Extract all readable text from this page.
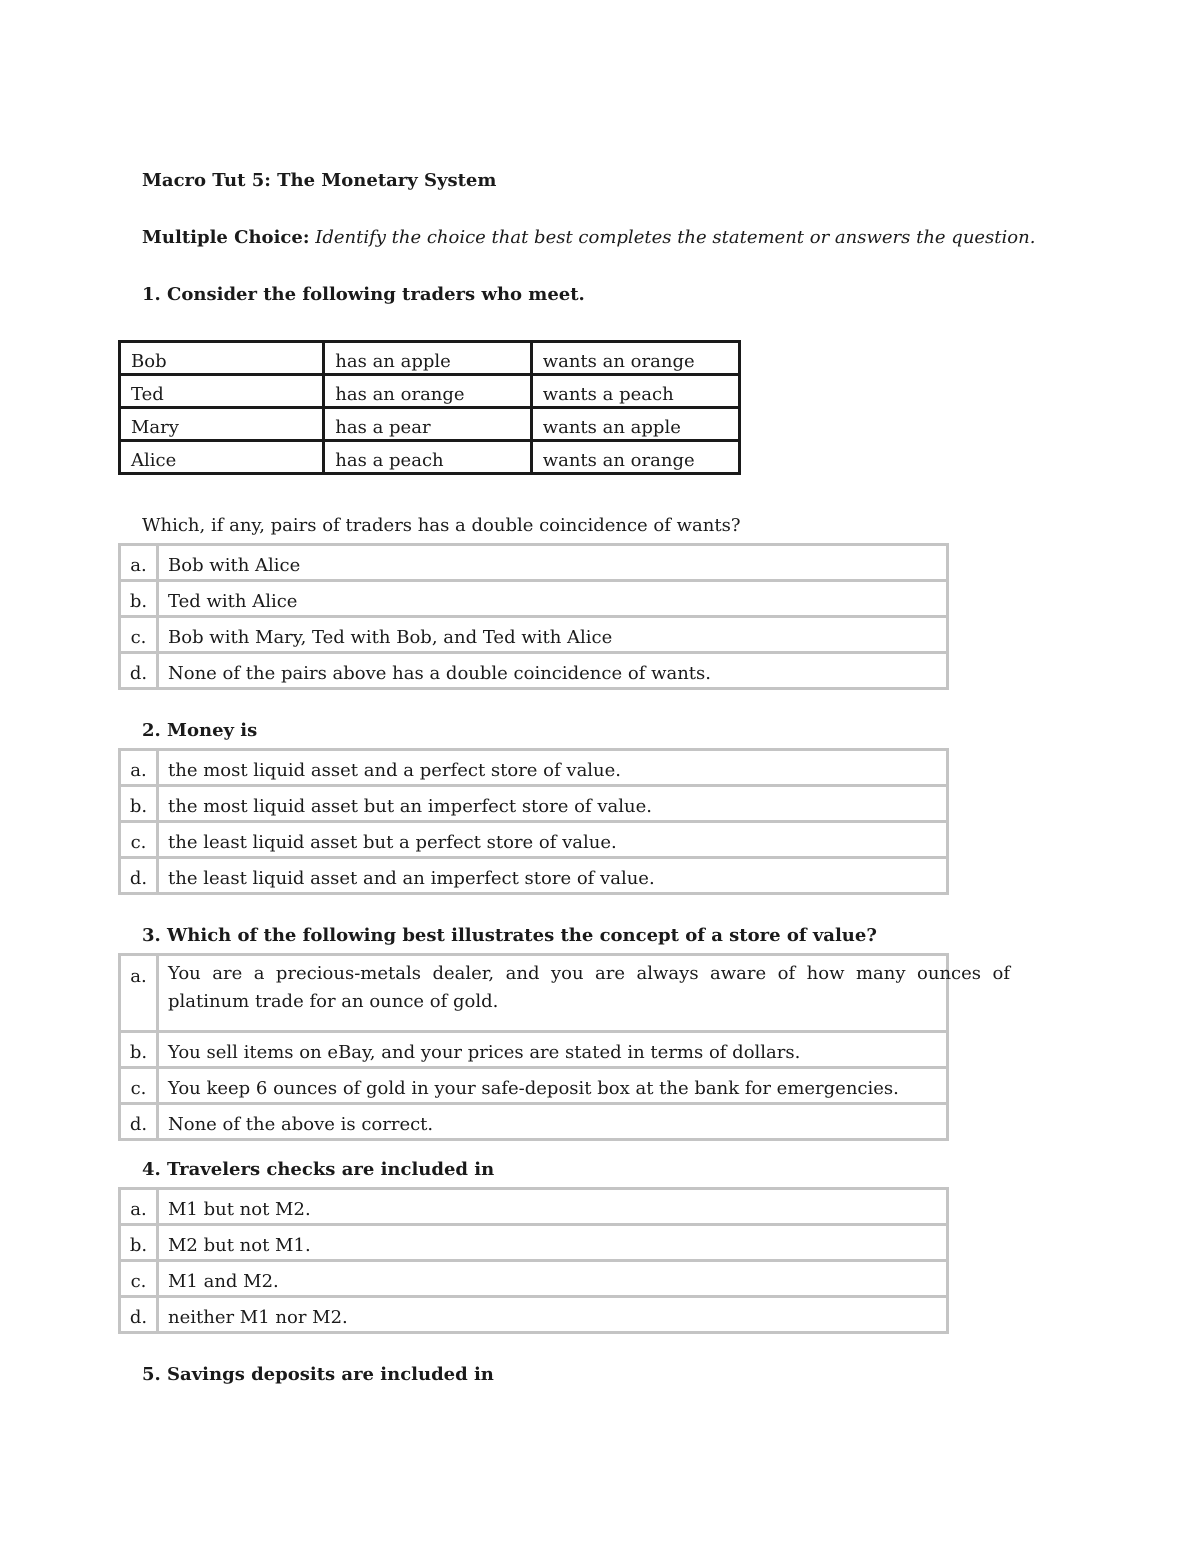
Macro Tut 5: The Monetary System
Multiple Choice: Identify the choice that best completes the statement or answers the question.
1. Consider the following traders who meet.
Bob	has an apple	wants an orange
Ted	has an orange	wants a peach
Mary	has a pear	wants an apple
Alice	has a peach	wants an orange
Which, if any, pairs of traders has a double coincidence of wants?
a.	Bob with Alice
b.	Ted with Alice
c.	Bob with Mary, Ted with Bob, and Ted with Alice
d.	None of the pairs above has a double coincidence of wants.
2. Money is
a.	the most liquid asset and a perfect store of value.
b.	the most liquid asset but an imperfect store of value.
c.	the least liquid asset but a perfect store of value.
d.	the least liquid asset and an imperfect store of value.
3. Which of the following best illustrates the concept of a store of value?
a.	You are a precious-metals dealer, and you are always aware of how many ounces of platinum trade for an ounce of gold.
b.	You sell items on eBay, and your prices are stated in terms of dollars.
c.	You keep 6 ounces of gold in your safe-deposit box at the bank for emergencies.
d.	None of the above is correct.
4. Travelers checks are included in
a.	M1 but not M2.
b.	M2 but not M1.
c.	M1 and M2.
d.	neither M1 nor M2.
5. Savings deposits are included in
